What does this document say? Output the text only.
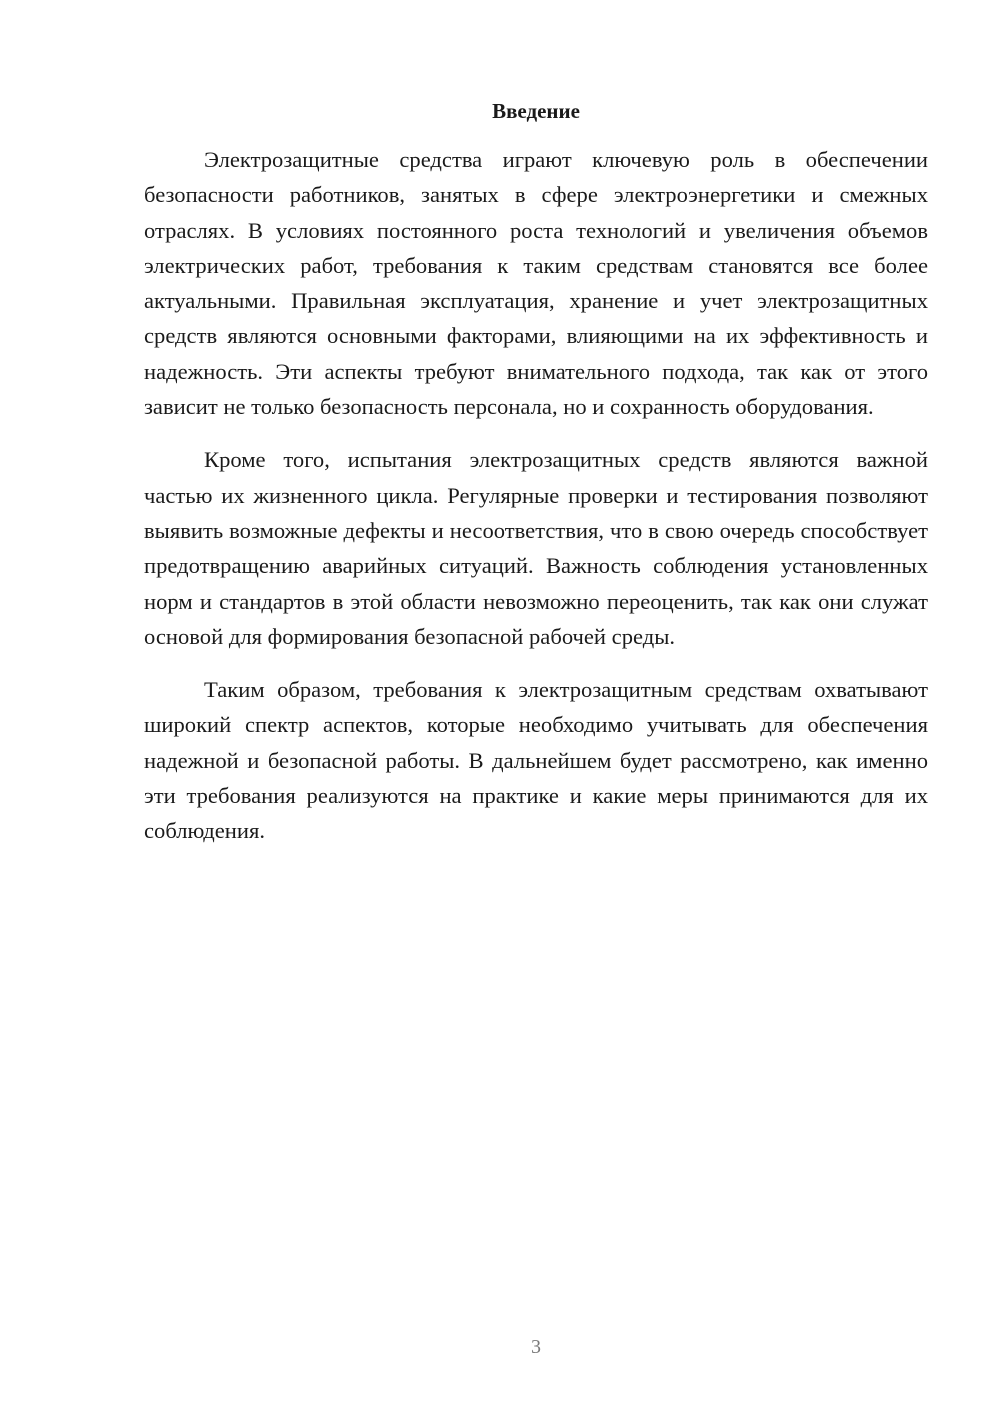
Введение

Электрозащитные средства играют ключевую роль в обеспечении безопасности работников, занятых в сфере электроэнергетики и смежных отраслях. В условиях постоянного роста технологий и увеличения объемов электрических работ, требования к таким средствам становятся все более актуальными. Правильная эксплуатация, хранение и учет электрозащитных средств являются основными факторами, влияющими на их эффективность и надежность. Эти аспекты требуют внимательного подхода, так как от этого зависит не только безопасность персонала, но и сохранность оборудования.

Кроме того, испытания электрозащитных средств являются важной частью их жизненного цикла. Регулярные проверки и тестирования позволяют выявить возможные дефекты и несоответствия, что в свою очередь способствует предотвращению аварийных ситуаций. Важность соблюдения установленных норм и стандартов в этой области невозможно переоценить, так как они служат основой для формирования безопасной рабочей среды.

Таким образом, требования к электрозащитным средствам охватывают широкий спектр аспектов, которые необходимо учитывать для обеспечения надежной и безопасной работы. В дальнейшем будет рассмотрено, как именно эти требования реализуются на практике и какие меры принимаются для их соблюдения.

3
